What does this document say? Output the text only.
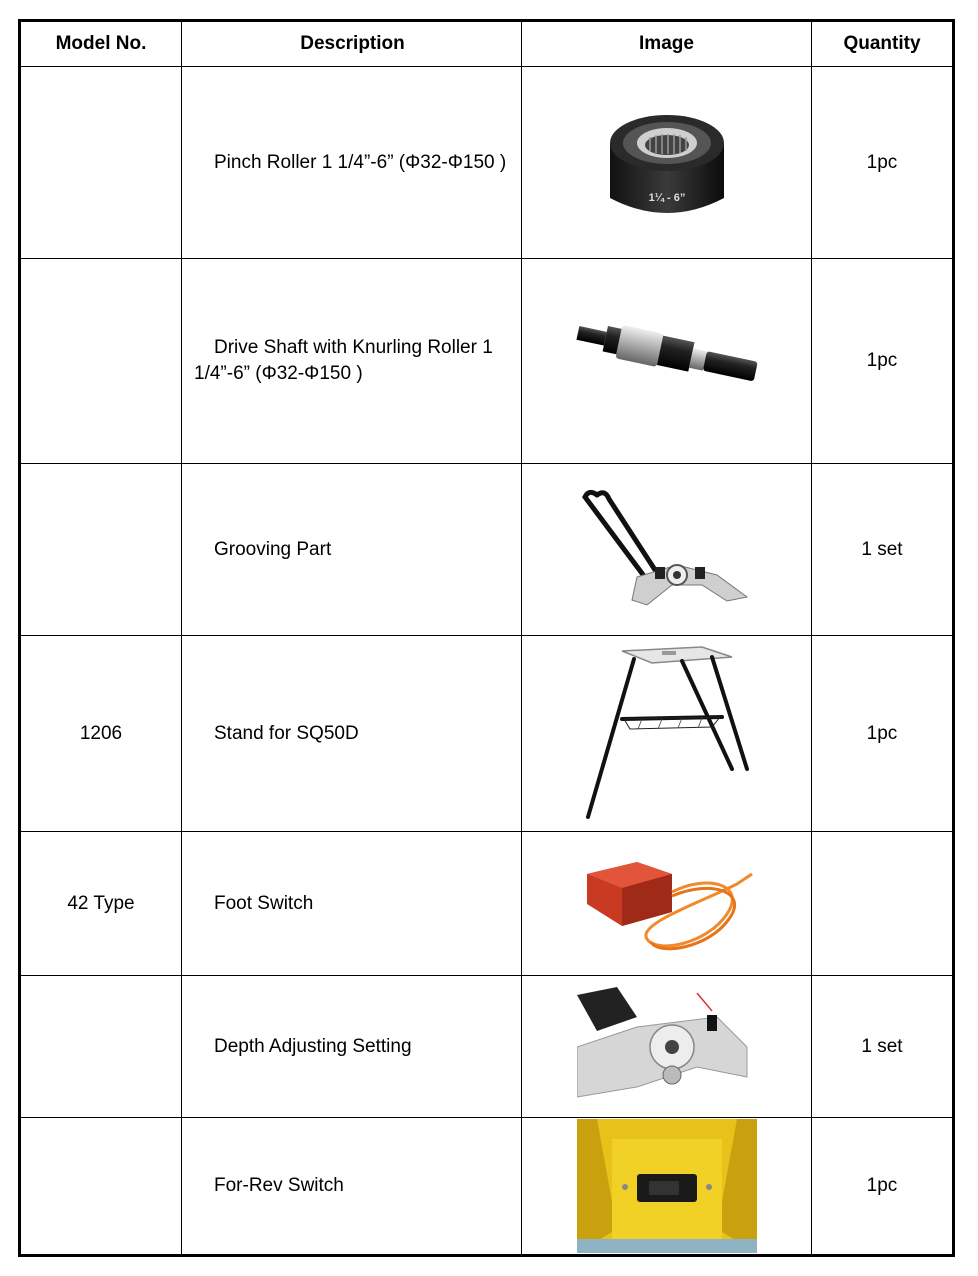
Model No.	Description	Image	Quantity

	Pinch Roller 1 1/4”-6” (Φ32-Φ150 )	1¼ - 6”	1pc

	Drive Shaft with Knurling Roller 1 1/4”-6” (Φ32-Φ150 )		1pc

	Grooving Part		1 set
1206	Stand for SQ50D		1pc
42 Type	Foot Switch

	Depth Adjusting Setting		1 set

	For-Rev Switch		1pc
